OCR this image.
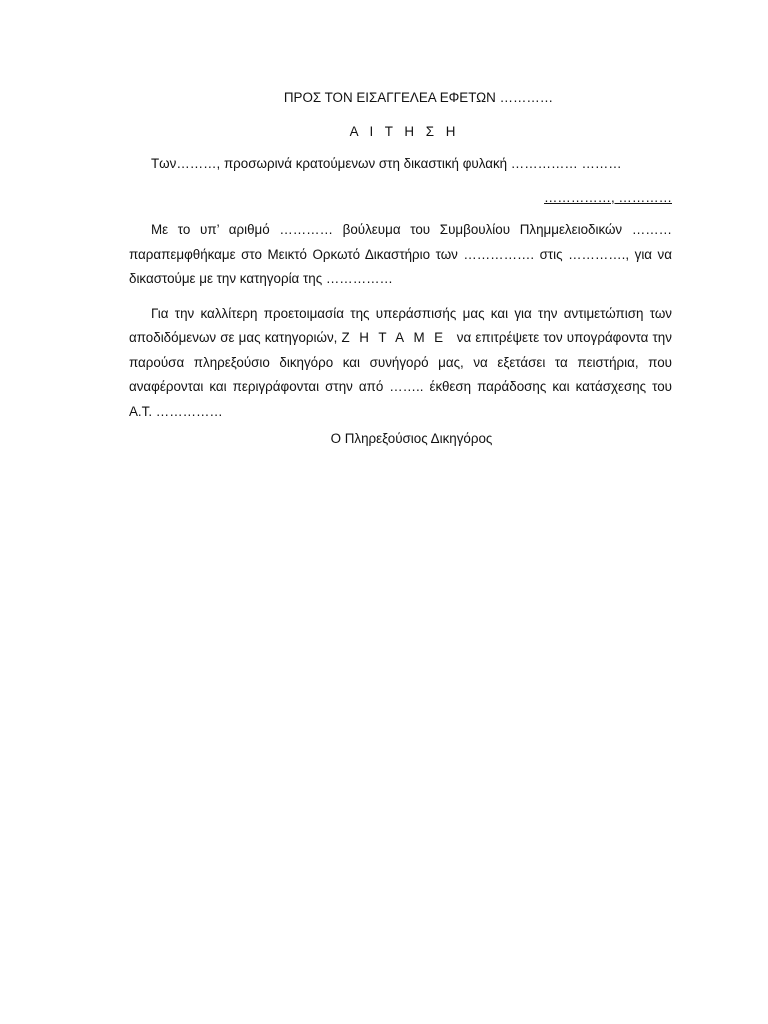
ΠΡΟΣ ΤΟΝ ΕΙΣΑΓΓΕΛΕΑ ΕΦΕΤΩΝ …………

Α Ι Τ Η Σ Η

Των………, προσωρινά κρατούμενων στη δικαστική φυλακή …………… ………

……………, …………

Με το υπ’ αριθμό ………… βούλευμα του Συμβουλίου Πλημμελειοδικών ……… παραπεμφθήκαμε στο Μεικτό Ορκωτό Δικαστήριο των ……………. στις …………., για να δικαστούμε με την κατηγορία της ……………

Για την καλλίτερη προετοιμασία της υπεράσπισής μας και για την αντιμετώπιση των αποδιδόμενων σε μας κατηγοριών, ΖΗΤΑΜΕ να επιτρέψετε τον υπογράφοντα την παρούσα πληρεξούσιο δικηγόρο και συνήγορό μας, να εξετάσει τα πειστήρια, που αναφέρονται και περιγράφονται στην από …….. έκθεση παράδοσης και κατάσχεσης του Α.Τ. ……………

Ο Πληρεξούσιος Δικηγόρος
